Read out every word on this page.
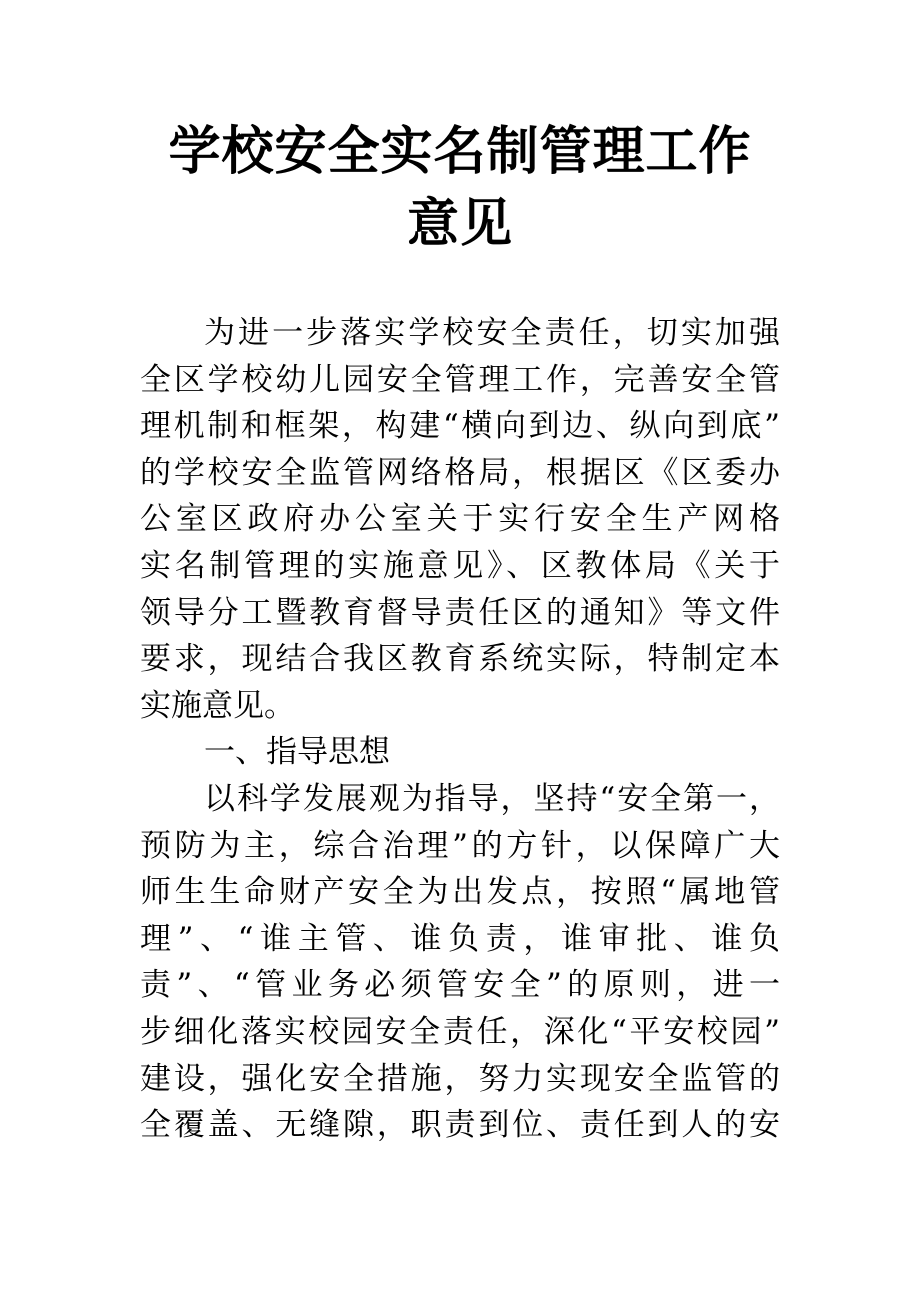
学校安全实名制管理工作
意见
为进一步落实学校安全责任，切实加强
全区学校幼儿园安全管理工作，完善安全管
理机制和框架，构建“横向到边、纵向到底”
的学校安全监管网络格局，根据区《区委办
公室区政府办公室关于实行安全生产网格
实名制管理的实施意见》、区教体局《关于
领导分工暨教育督导责任区的通知》等文件
要求，现结合我区教育系统实际，特制定本
实施意见。
一、指导思想
以科学发展观为指导，坚持“安全第一，
预防为主，综合治理”的方针，以保障广大
师生生命财产安全为出发点，按照“属地管
理”、“谁主管、谁负责，谁审批、谁负
责”、“管业务必须管安全”的原则，进一
步细化落实校园安全责任，深化“平安校园”
建设，强化安全措施，努力实现安全监管的
全覆盖、无缝隙，职责到位、责任到人的安
